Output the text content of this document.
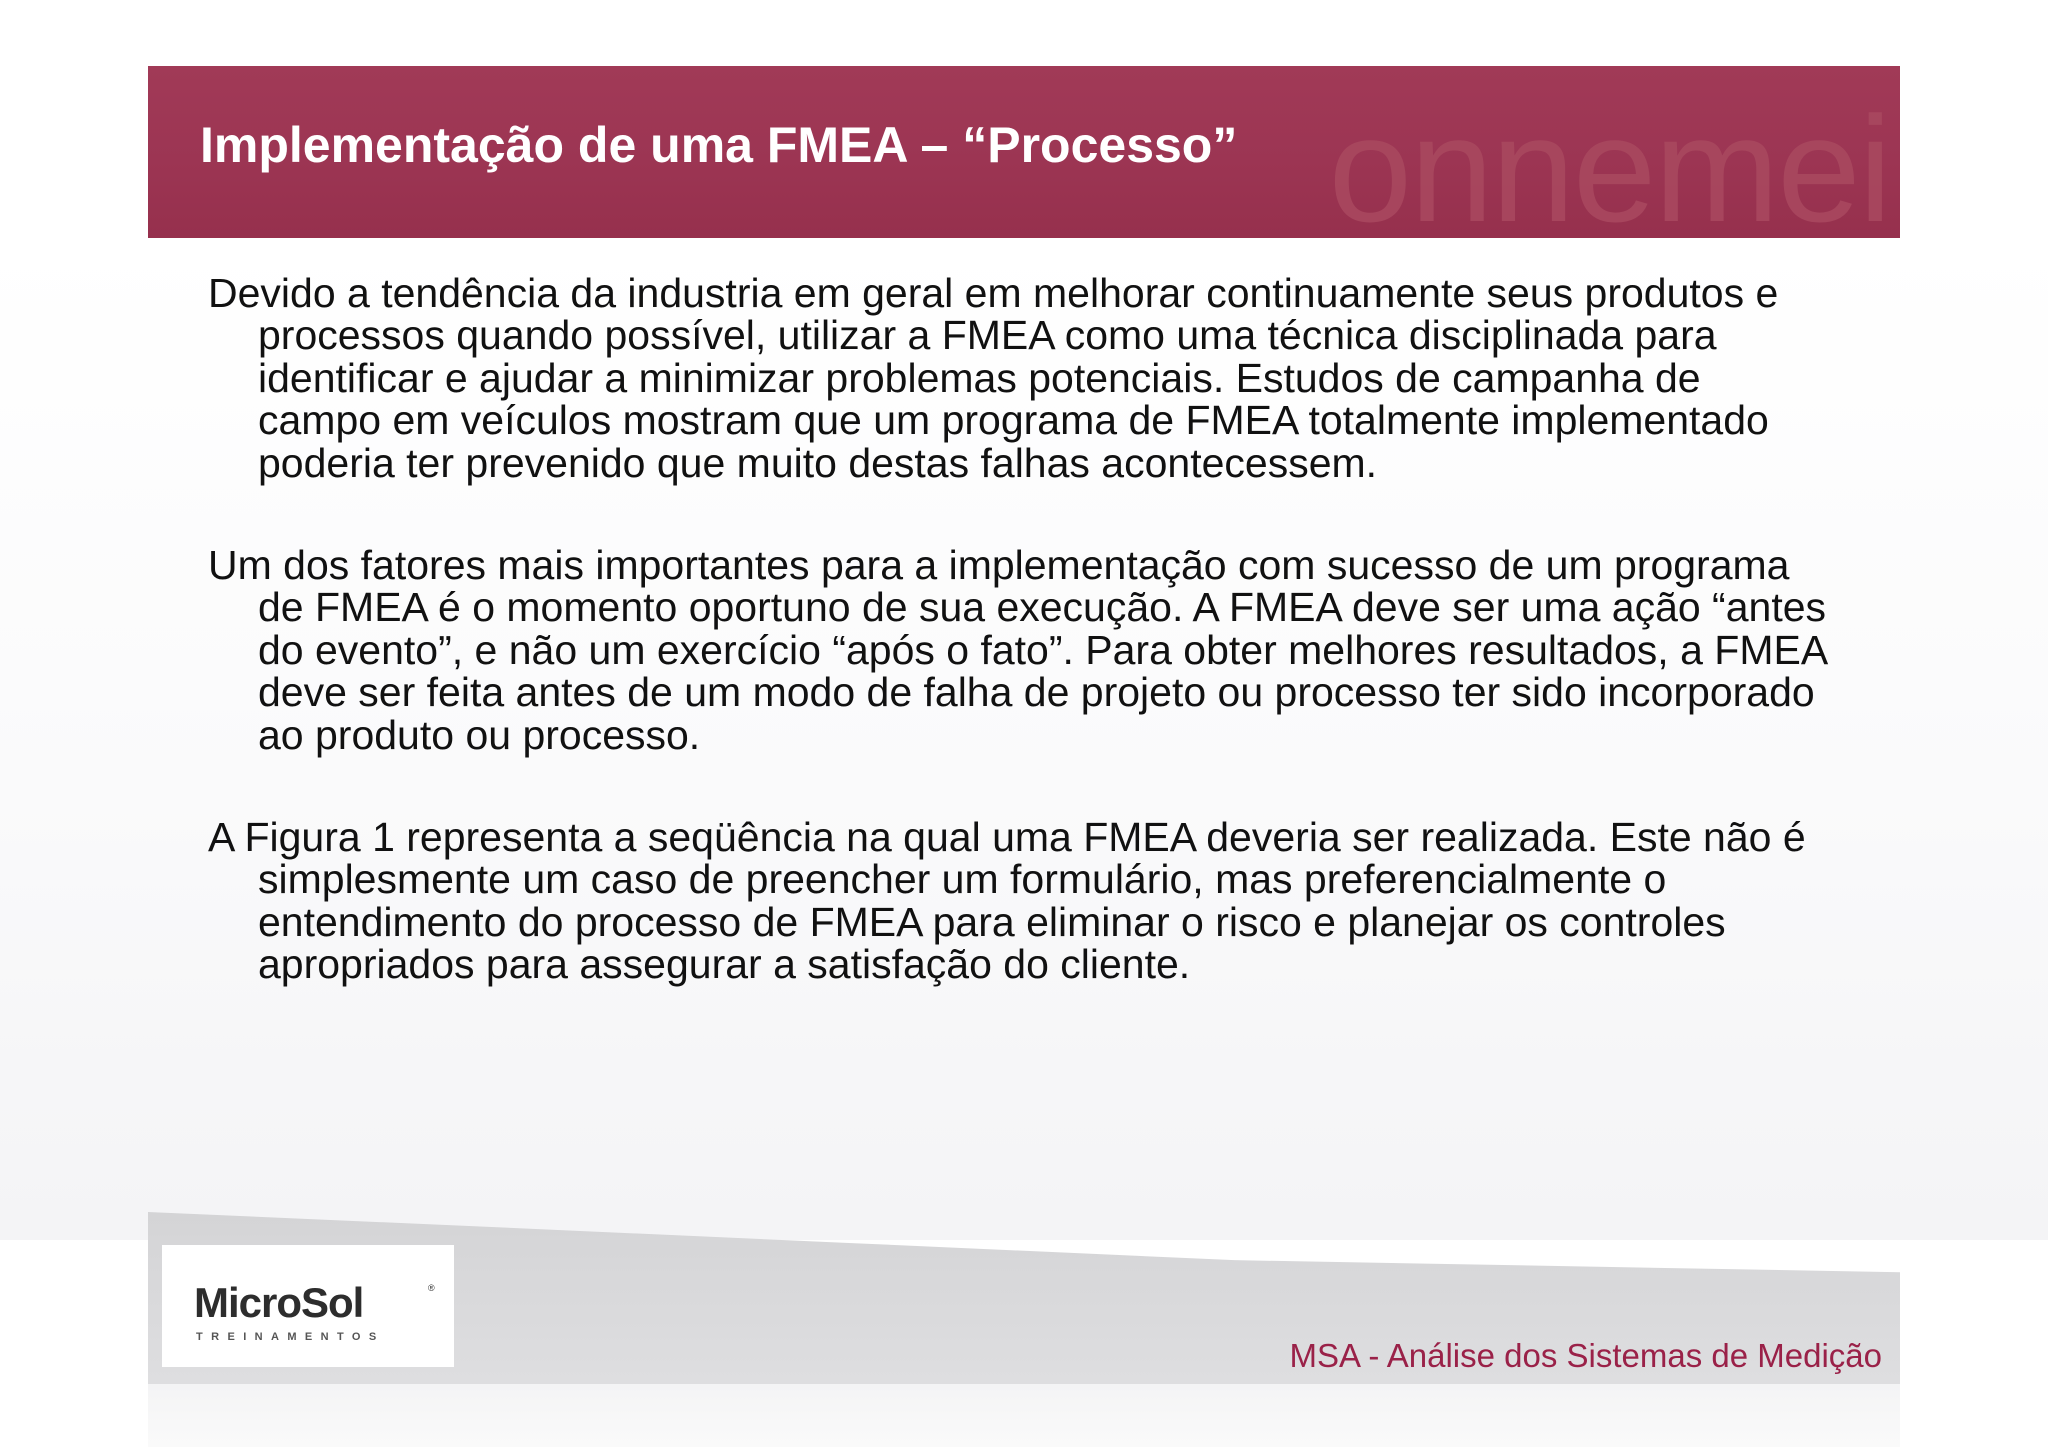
onnemei
Implementação de uma FMEA – “Processo”

Devido a tendência da industria em geral em melhorar continuamente seus produtos e processos quando possível, utilizar a FMEA como uma técnica disciplinada para identificar e ajudar a minimizar problemas potenciais. Estudos de campanha de campo em veículos mostram que um programa de FMEA totalmente implementado poderia ter prevenido que muito destas falhas acontecessem.

Um dos fatores mais importantes para a implementação com sucesso de um programa de FMEA é o momento oportuno de sua execução. A FMEA deve ser uma ação “antes do evento”, e não um exercício “após o fato”. Para obter melhores resultados, a FMEA deve ser feita antes de um modo de falha de projeto ou processo ter sido incorporado ao produto ou processo.

A Figura 1 representa a seqüência na qual uma FMEA deveria ser realizada. Este não é simplesmente um caso de preencher um formulário, mas preferencialmente o entendimento do processo de FMEA para eliminar o risco e planejar os controles apropriados para assegurar a satisfação do cliente.

MicroSol	®
TREINAMENTOS	MSA - Análise dos Sistemas de Medição
